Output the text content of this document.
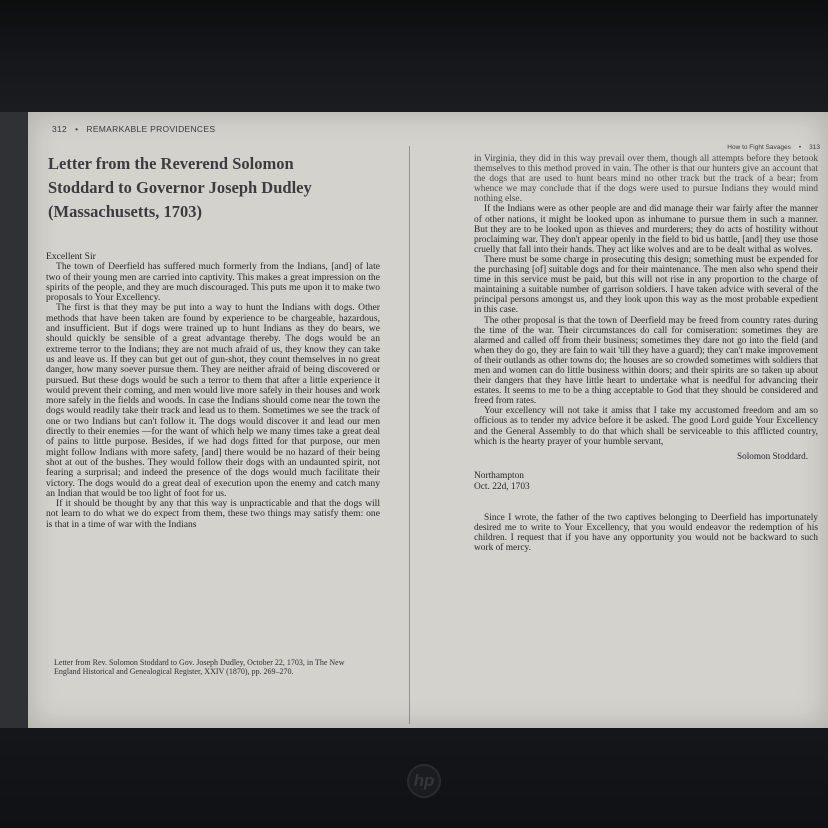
312 • REMARKABLE PROVIDENCES
How to Fight Savages • 313
Letter from the Reverend Solomon
Stoddard to Governor Joseph Dudley
(Massachusetts, 1703)

Excellent Sir

The town of Deerfield has suffered much formerly from the Indians, [and] of late two of their young men are carried into captivity. This makes a great impression on the spirits of the people, and they are much discouraged. This puts me upon it to make two proposals to Your Excellency.

The first is that they may be put into a way to hunt the Indians with dogs. Other methods that have been taken are found by experience to be chargeable, hazardous, and insufficient. But if dogs were trained up to hunt Indians as they do bears, we should quickly be sensible of a great advantage thereby. The dogs would be an extreme terror to the Indians; they are not much afraid of us, they know they can take us and leave us. If they can but get out of gun-shot, they count themselves in no great danger, how many soever pursue them. They are neither afraid of being discovered or pursued. But these dogs would be such a terror to them that after a little experience it would prevent their coming, and men would live more safely in their houses and work more safely in the fields and woods. In case the Indians should come near the town the dogs would readily take their track and lead us to them. Sometimes we see the track of one or two Indians but can't follow it. The dogs would discover it and lead our men directly to their enemies —for the want of which help we many times take a great deal of pains to little purpose. Besides, if we had dogs fitted for that purpose, our men might follow Indians with more safety, [and] there would be no hazard of their being shot at out of the bushes. They would follow their dogs with an undaunted spirit, not fearing a surprisal; and indeed the presence of the dogs would much facilitate their victory. The dogs would do a great deal of execution upon the enemy and catch many an Indian that would be too light of foot for us.

If it should be thought by any that this way is unpracticable and that the dogs will not learn to do what we do expect from them, these two things may satisfy them: one is that in a time of war with the Indians

Letter from Rev. Solomon Stoddard to Gov. Joseph Dudley, October 22, 1703, in The New England Historical and Genealogical Register, XXIV (1870), pp. 269–270.

in Virginia, they did in this way prevail over them, though all attempts before they betook themselves to this method proved in vain. The other is that our hunters give an account that the dogs that are used to hunt bears mind no other track but the track of a bear; from whence we may conclude that if the dogs were used to pursue Indians they would mind nothing else.

If the Indians were as other people are and did manage their war fairly after the manner of other nations, it might be looked upon as inhumane to pursue them in such a manner. But they are to be looked upon as thieves and murderers; they do acts of hostility without proclaiming war. They don't appear openly in the field to bid us battle, [and] they use those cruelly that fall into their hands. They act like wolves and are to be dealt withal as wolves.

There must be some charge in prosecuting this design; something must be expended for the purchasing [of] suitable dogs and for their maintenance. The men also who spend their time in this service must be paid, but this will not rise in any proportion to the charge of maintaining a suitable number of garrison soldiers. I have taken advice with several of the principal persons amongst us, and they look upon this way as the most probable expedient in this case.

The other proposal is that the town of Deerfield may be freed from country rates during the time of the war. Their circumstances do call for comiseration: sometimes they are alarmed and called off from their business; sometimes they dare not go into the field (and when they do go, they are fain to wait 'till they have a guard); they can't make improvement of their outlands as other towns do; the houses are so crowded sometimes with soldiers that men and women can do little business within doors; and their spirits are so taken up about their dangers that they have little heart to undertake what is needful for advancing their estates. It seems to me to be a thing acceptable to God that they should be considered and freed from rates.

Your excellency will not take it amiss that I take my accustomed freedom and am so officious as to tender my advice before it be asked. The good Lord guide Your Excellency and the General Assembly to do that which shall be serviceable to this afflicted country, which is the hearty prayer of your humble servant,

Solomon Stoddard.

Northampton
Oct. 22d, 1703

Since I wrote, the father of the two captives belonging to Deerfield has importunately desired me to write to Your Excellency, that you would endeavor the redemption of his children. I request that if you have any opportunity you would not be backward to such work of mercy.

hp
